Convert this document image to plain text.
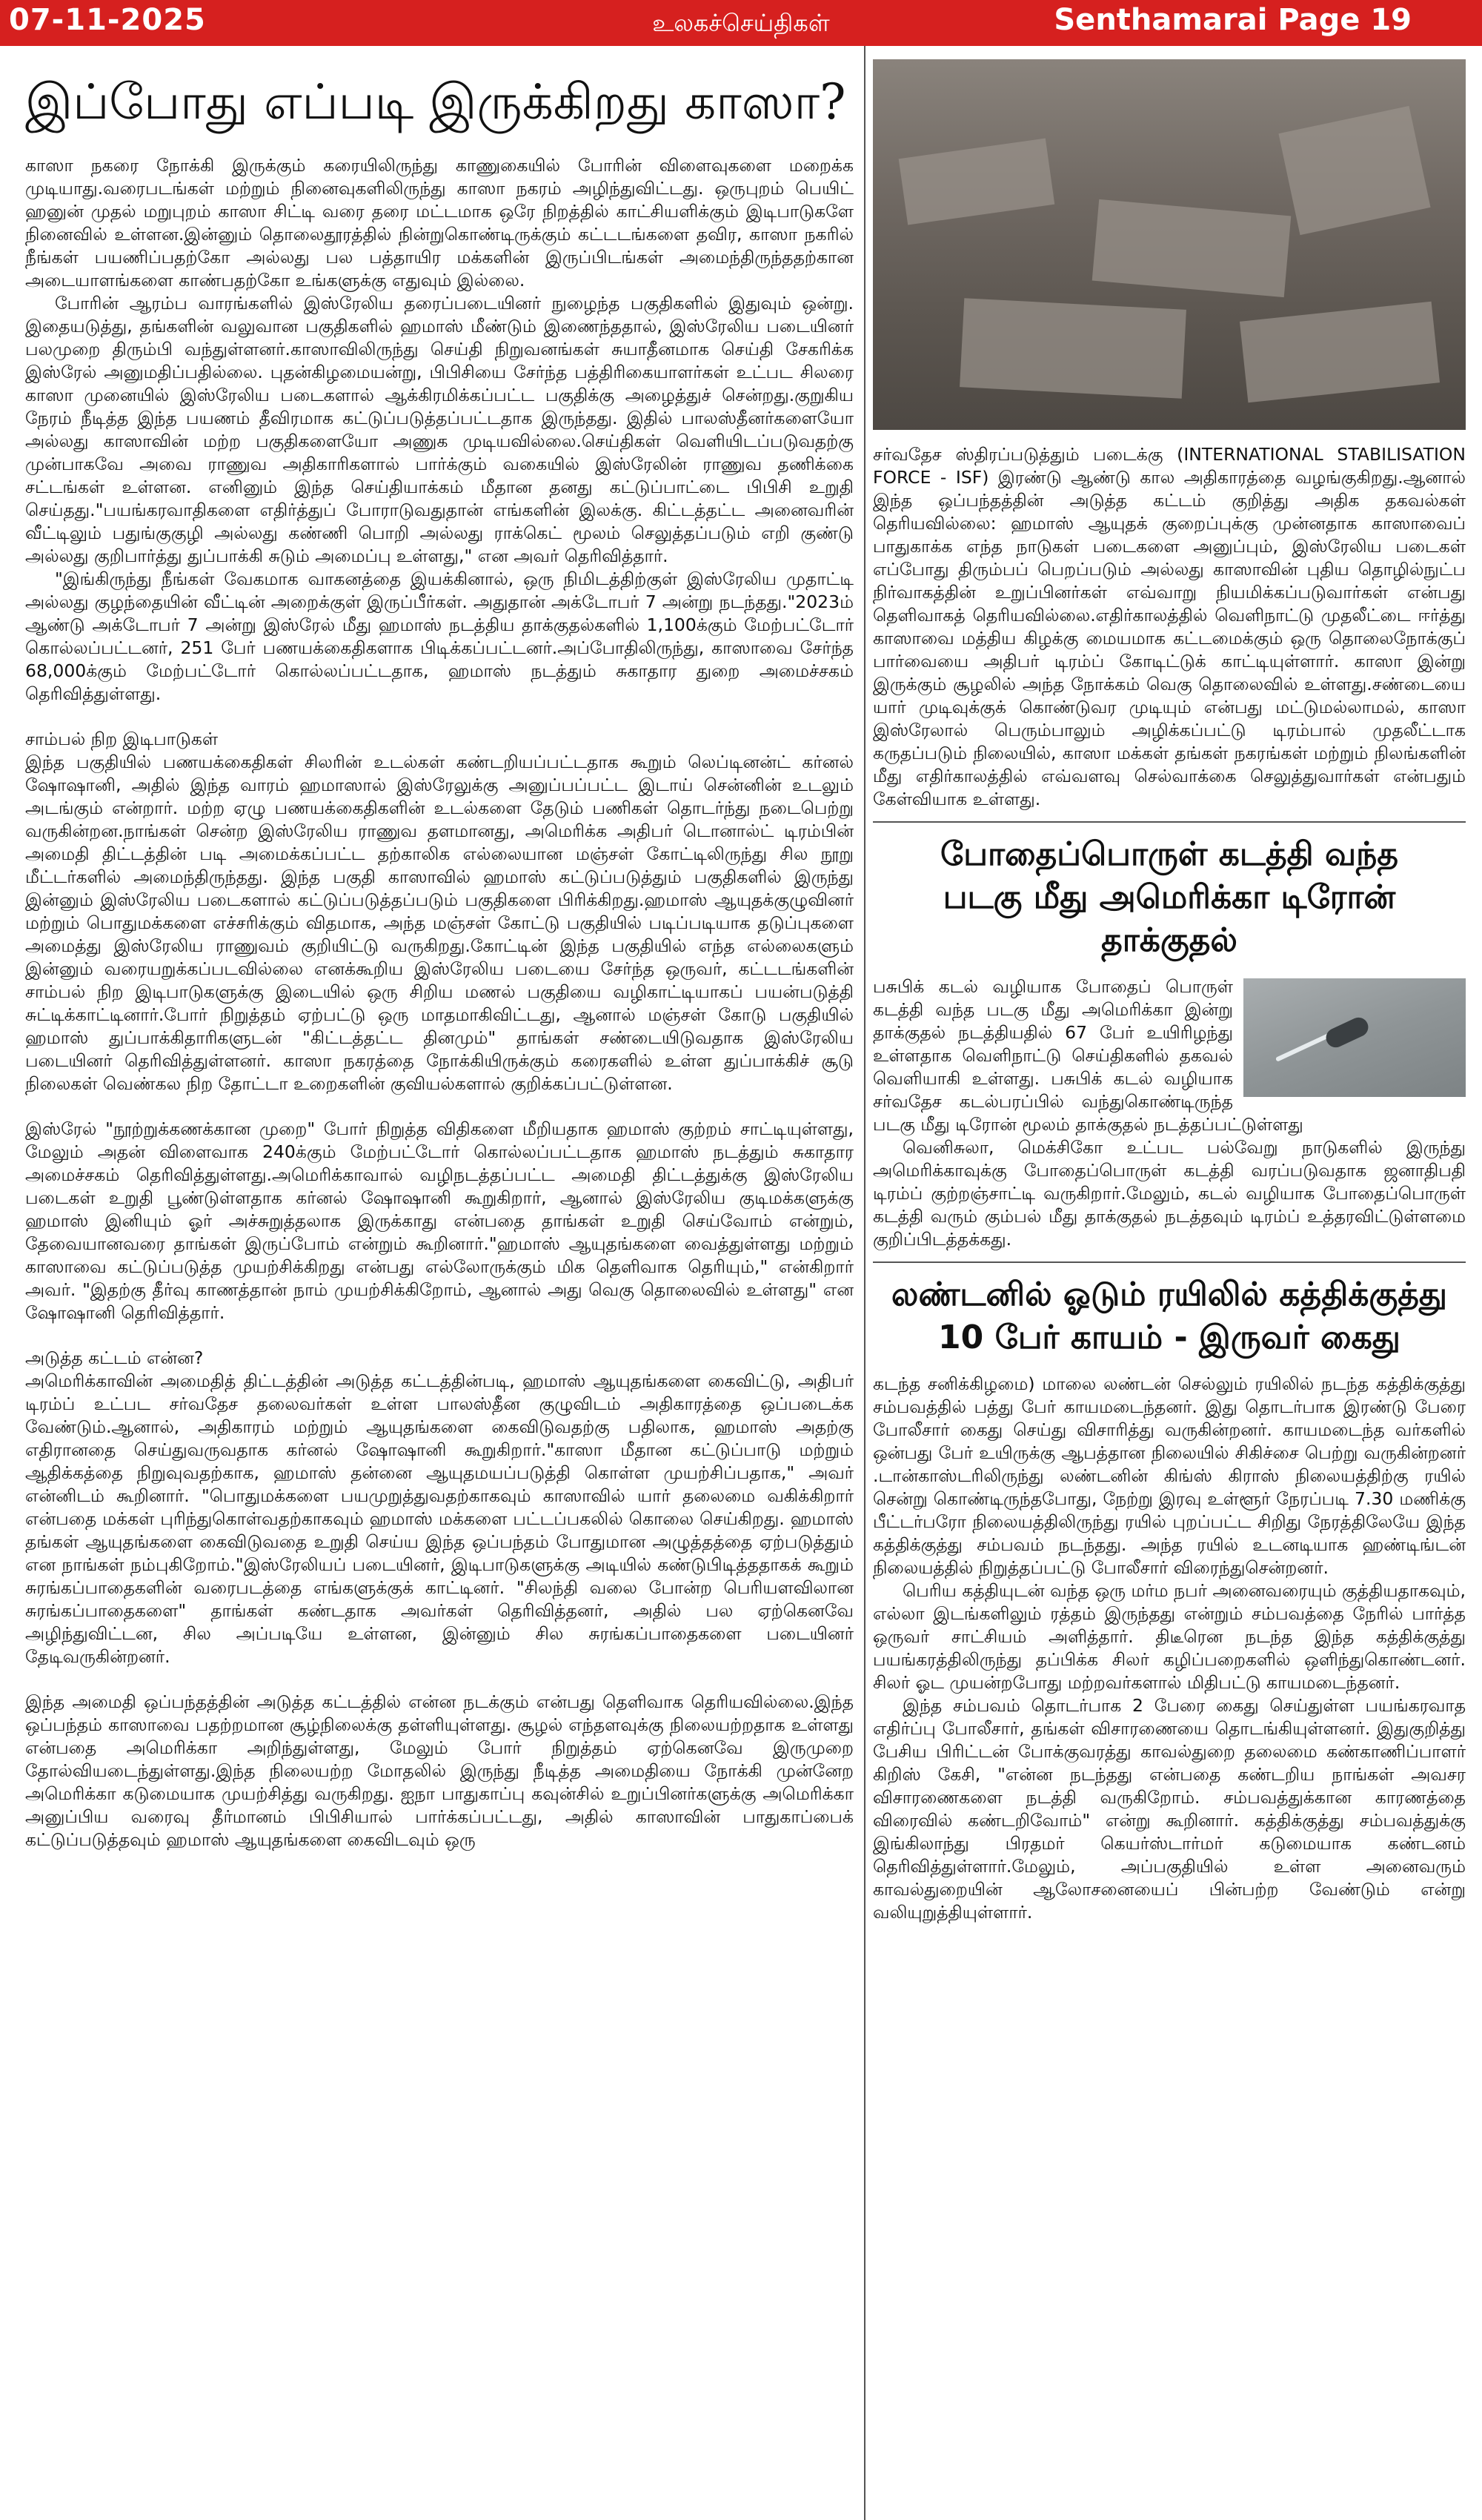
07-11-2025	உலகச்செய்திகள்	Senthamarai Page 19
இப்போது எப்படி இருக்கிறது காஸா?

காஸா நகரை நோக்கி இருக்கும் கரையிலிருந்து காணுகையில் போரின் விளைவுகளை மறைக்க முடியாது.வரைபடங்கள் மற்றும் நினைவுகளிலிருந்து காஸா நகரம் அழிந்துவிட்டது. ஒருபுறம் பெயிட் ஹனுன் முதல் மறுபுறம் காஸா சிட்டி வரை தரை மட்டமாக ஒரே நிறத்தில் காட்சியளிக்கும் இடிபாடுகளே நினைவில் உள்ளன.இன்னும் தொலைதூரத்தில் நின்றுகொண்டிருக்கும் கட்டடங்களை தவிர, காஸா நகரில் நீங்கள் பயணிப்பதற்கோ அல்லது பல பத்தாயிர மக்களின் இருப்பிடங்கள் அமைந்திருந்ததற்கான அடையாளங்களை காண்பதற்கோ உங்களுக்கு எதுவும் இல்லை.

போரின் ஆரம்ப வாரங்களில் இஸ்ரேலிய தரைப்படையினர் நுழைந்த பகுதிகளில் இதுவும் ஒன்று. இதையடுத்து, தங்களின் வலுவான பகுதிகளில் ஹமாஸ் மீண்டும் இணைந்ததால், இஸ்ரேலிய படையினர் பலமுறை திரும்பி வந்துள்ளனர்.காஸாவிலிருந்து செய்தி நிறுவனங்கள் சுயாதீனமாக செய்தி சேகரிக்க இஸ்ரேல் அனுமதிப்பதில்லை. புதன்கிழமையன்று, பிபிசியை சேர்ந்த பத்திரிகையாளர்கள் உட்பட சிலரை காஸா முனையில் இஸ்ரேலிய படைகளால் ஆக்கிரமிக்கப்பட்ட பகுதிக்கு அழைத்துச் சென்றது.குறுகிய நேரம் நீடித்த இந்த பயணம் தீவிரமாக கட்டுப்படுத்தப்பட்டதாக இருந்தது. இதில் பாலஸ்தீனர்களையோ அல்லது காஸாவின் மற்ற பகுதிகளையோ அணுக முடியவில்லை.செய்திகள் வெளியிடப்படுவதற்கு முன்பாகவே அவை ராணுவ அதிகாரிகளால் பார்க்கும் வகையில் இஸ்ரேலின் ராணுவ தணிக்கை சட்டங்கள் உள்ளன. எனினும் இந்த செய்தியாக்கம் மீதான தனது கட்டுப்பாட்டை பிபிசி உறுதி செய்தது."பயங்கரவாதிகளை எதிர்த்துப் போராடுவதுதான் எங்களின் இலக்கு. கிட்டத்தட்ட அனைவரின் வீட்டிலும் பதுங்குகுழி அல்லது கண்ணி பொறி அல்லது ராக்கெட் மூலம் செலுத்தப்படும் எறி குண்டு அல்லது குறிபார்த்து துப்பாக்கி சுடும் அமைப்பு உள்ளது," என அவர் தெரிவித்தார்.

"இங்கிருந்து நீங்கள் வேகமாக வாகனத்தை இயக்கினால், ஒரு நிமிடத்திற்குள் இஸ்ரேலிய முதாட்டி அல்லது குழந்தையின் வீட்டின் அறைக்குள் இருப்பீர்கள். அதுதான் அக்டோபர் 7 அன்று நடந்தது."2023ம் ஆண்டு அக்டோபர் 7 அன்று இஸ்ரேல் மீது ஹமாஸ் நடத்திய தாக்குதல்களில் 1,100க்கும் மேற்பட்டோர் கொல்லப்பட்டனர், 251 பேர் பணயக்கைதிகளாக பிடிக்கப்பட்டனர்.அப்போதிலிருந்து, காஸாவை சேர்ந்த 68,000க்கும் மேற்பட்டோர் கொல்லப்பட்டதாக, ஹமாஸ் நடத்தும் சுகாதார துறை அமைச்சகம் தெரிவித்துள்ளது.

சாம்பல் நிற இடிபாடுகள்

இந்த பகுதியில் பணயக்கைதிகள் சிலரின் உடல்கள் கண்டறியப்பட்டதாக கூறும் லெப்டினன்ட் கர்னல் ஷோஷானி, அதில் இந்த வாரம் ஹமாஸால் இஸ்ரேலுக்கு அனுப்பப்பட்ட இடாய் சென்னின் உடலும் அடங்கும் என்றார். மற்ற ஏழு பணயக்கைதிகளின் உடல்களை தேடும் பணிகள் தொடர்ந்து நடைபெற்று வருகின்றன.நாங்கள் சென்ற இஸ்ரேலிய ராணுவ தளமானது, அமெரிக்க அதிபர் டொனால்ட் டிரம்பின் அமைதி திட்டத்தின் படி அமைக்கப்பட்ட தற்காலிக எல்லையான மஞ்சள் கோட்டிலிருந்து சில நூறு மீட்டர்களில் அமைந்திருந்தது. இந்த பகுதி காஸாவில் ஹமாஸ் கட்டுப்படுத்தும் பகுதிகளில் இருந்து இன்னும் இஸ்ரேலிய படைகளால் கட்டுப்படுத்தப்படும் பகுதிகளை பிரிக்கிறது.ஹமாஸ் ஆயுதக்குழுவினர் மற்றும் பொதுமக்களை எச்சரிக்கும் விதமாக, அந்த மஞ்சள் கோட்டு பகுதியில் படிப்படியாக தடுப்புகளை அமைத்து இஸ்ரேலிய ராணுவம் குறியிட்டு வருகிறது.கோட்டின் இந்த பகுதியில் எந்த எல்லைகளும் இன்னும் வரையறுக்கப்படவில்லை எனக்கூறிய இஸ்ரேலிய படையை சேர்ந்த ஒருவர், கட்டடங்களின் சாம்பல் நிற இடிபாடுகளுக்கு இடையில் ஒரு சிறிய மணல் பகுதியை வழிகாட்டியாகப் பயன்படுத்தி சுட்டிக்காட்டினார்.போர் நிறுத்தம் ஏற்பட்டு ஒரு மாதமாகிவிட்டது, ஆனால் மஞ்சள் கோடு பகுதியில் ஹமாஸ் துப்பாக்கிதாரிகளுடன் "கிட்டத்தட்ட தினமும்" தாங்கள் சண்டையிடுவதாக இஸ்ரேலிய படையினர் தெரிவித்துள்ளனர். காஸா நகரத்தை நோக்கியிருக்கும் கரைகளில் உள்ள துப்பாக்கிச் சூடு நிலைகள் வெண்கல நிற தோட்டா உறைகளின் குவியல்களால் குறிக்கப்பட்டுள்ளன.

இஸ்ரேல் "நூற்றுக்கணக்கான முறை" போர் நிறுத்த விதிகளை மீறியதாக ஹமாஸ் குற்றம் சாட்டியுள்ளது, மேலும் அதன் விளைவாக 240க்கும் மேற்பட்டோர் கொல்லப்பட்டதாக ஹமாஸ் நடத்தும் சுகாதார அமைச்சகம் தெரிவித்துள்ளது.அமெரிக்காவால் வழிநடத்தப்பட்ட அமைதி திட்டத்துக்கு இஸ்ரேலிய படைகள் உறுதி பூண்டுள்ளதாக கர்னல் ஷோஷானி கூறுகிறார், ஆனால் இஸ்ரேலிய குடிமக்களுக்கு ஹமாஸ் இனியும் ஓர் அச்சுறுத்தலாக இருக்காது என்பதை தாங்கள் உறுதி செய்வோம் என்றும், தேவையானவரை தாங்கள் இருப்போம் என்றும் கூறினார்."ஹமாஸ் ஆயுதங்களை வைத்துள்ளது மற்றும் காஸாவை கட்டுப்படுத்த முயற்சிக்கிறது என்பது எல்லோருக்கும் மிக தெளிவாக தெரியும்," என்கிறார் அவர். "இதற்கு தீர்வு காணத்தான் நாம் முயற்சிக்கிறோம், ஆனால் அது வெகு தொலைவில் உள்ளது" என ஷோஷானி தெரிவித்தார்.

அடுத்த கட்டம் என்ன?

அமெரிக்காவின் அமைதித் திட்டத்தின் அடுத்த கட்டத்தின்படி, ஹமாஸ் ஆயுதங்களை கைவிட்டு, அதிபர் டிரம்ப் உட்பட சர்வதேச தலைவர்கள் உள்ள பாலஸ்தீன குழுவிடம் அதிகாரத்தை ஒப்படைக்க வேண்டும்.ஆனால், அதிகாரம் மற்றும் ஆயுதங்களை கைவிடுவதற்கு பதிலாக, ஹமாஸ் அதற்கு எதிரானதை செய்துவருவதாக கர்னல் ஷோஷானி கூறுகிறார்."காஸா மீதான கட்டுப்பாடு மற்றும் ஆதிக்கத்தை நிறுவுவதற்காக, ஹமாஸ் தன்னை ஆயுதமயப்படுத்தி கொள்ள முயற்சிப்பதாக," அவர் என்னிடம் கூறினார். "பொதுமக்களை பயமுறுத்துவதற்காகவும் காஸாவில் யார் தலைமை வகிக்கிறார் என்பதை மக்கள் புரிந்துகொள்வதற்காகவும் ஹமாஸ் மக்களை பட்டப்பகலில் கொலை செய்கிறது. ஹமாஸ் தங்கள் ஆயுதங்களை கைவிடுவதை உறுதி செய்ய இந்த ஒப்பந்தம் போதுமான அழுத்தத்தை ஏற்படுத்தும் என நாங்கள் நம்புகிறோம்."இஸ்ரேலியப் படையினர், இடிபாடுகளுக்கு அடியில் கண்டுபிடித்ததாகக் கூறும் சுரங்கப்பாதைகளின் வரைபடத்தை எங்களுக்குக் காட்டினர். "சிலந்தி வலை போன்ற பெரியளவிலான சுரங்கப்பாதைகளை" தாங்கள் கண்டதாக அவர்கள் தெரிவித்தனர், அதில் பல ஏற்கெனவே அழிந்துவிட்டன, சில அப்படியே உள்ளன, இன்னும் சில சுரங்கப்பாதைகளை படையினர் தேடிவருகின்றனர்.

இந்த அமைதி ஒப்பந்தத்தின் அடுத்த கட்டத்தில் என்ன நடக்கும் என்பது தெளிவாக தெரியவில்லை.இந்த ஒப்பந்தம் காஸாவை பதற்றமான சூழ்நிலைக்கு தள்ளியுள்ளது. சூழல் எந்தளவுக்கு நிலையற்றதாக உள்ளது என்பதை அமெரிக்கா அறிந்துள்ளது, மேலும் போர் நிறுத்தம் ஏற்கெனவே இருமுறை தோல்வியடைந்துள்ளது.இந்த நிலையற்ற மோதலில் இருந்து நீடித்த அமைதியை நோக்கி முன்னேற அமெரிக்கா கடுமையாக முயற்சித்து வருகிறது. ஐநா பாதுகாப்பு கவுன்சில் உறுப்பினர்களுக்கு அமெரிக்கா அனுப்பிய வரைவு தீர்மானம் பிபிசியால் பார்க்கப்பட்டது, அதில் காஸாவின் பாதுகாப்பைக் கட்டுப்படுத்தவும் ஹமாஸ் ஆயுதங்களை கைவிடவும் ஒரு

சர்வதேச ஸ்திரப்படுத்தும் படைக்கு (INTERNATIONAL STABILISATION FORCE - ISF) இரண்டு ஆண்டு கால அதிகாரத்தை வழங்குகிறது.ஆனால் இந்த ஒப்பந்தத்தின் அடுத்த கட்டம் குறித்து அதிக தகவல்கள் தெரியவில்லை: ஹமாஸ் ஆயுதக் குறைப்புக்கு முன்னதாக காஸாவைப் பாதுகாக்க எந்த நாடுகள் படைகளை அனுப்பும், இஸ்ரேலிய படைகள் எப்போது திரும்பப் பெறப்படும் அல்லது காஸாவின் புதிய தொழில்நுட்ப நிர்வாகத்தின் உறுப்பினர்கள் எவ்வாறு நியமிக்கப்படுவார்கள் என்பது தெளிவாகத் தெரியவில்லை.எதிர்காலத்தில் வெளிநாட்டு முதலீட்டை ஈர்த்து காஸாவை மத்திய கிழக்கு மையமாக கட்டமைக்கும் ஒரு தொலைநோக்குப் பார்வையை அதிபர் டிரம்ப் கோடிட்டுக் காட்டியுள்ளார். காஸா இன்று இருக்கும் சூழலில் அந்த நோக்கம் வெகு தொலைவில் உள்ளது.சண்டையை யார் முடிவுக்குக் கொண்டுவர முடியும் என்பது மட்டுமல்லாமல், காஸா இஸ்ரேலால் பெரும்பாலும் அழிக்கப்பட்டு டிரம்பால் முதலீட்டாக கருதப்படும் நிலையில், காஸா மக்கள் தங்கள் நகரங்கள் மற்றும் நிலங்களின் மீது எதிர்காலத்தில் எவ்வளவு செல்வாக்கை செலுத்துவார்கள் என்பதும் கேள்வியாக உள்ளது.

போதைப்பொருள் கடத்தி வந்த
படகு மீது அமெரிக்கா டிரோன் தாக்குதல்

பசுபிக் கடல் வழியாக போதைப் பொருள் கடத்தி வந்த படகு மீது அமெரிக்கா இன்று தாக்குதல் நடத்தியதில் 67 பேர் உயிரிழந்து உள்ளதாக வெளிநாட்டு செய்திகளில் தகவல் வெளியாகி உள்ளது. பசுபிக் கடல் வழியாக சர்வதேச கடல்பரப்பில் வந்துகொண்டிருந்த படகு மீது டிரோன் மூலம் தாக்குதல் நடத்தப்பட்டுள்ளது

வெனிசுலா, மெக்சிகோ உட்பட பல்வேறு நாடுகளில் இருந்து அமெரிக்காவுக்கு போதைப்பொருள் கடத்தி வரப்படுவதாக ஜனாதிபதி டிரம்ப் குற்றஞ்சாட்டி வருகிறார்.மேலும், கடல் வழியாக போதைப்பொருள் கடத்தி வரும் கும்பல் மீது தாக்குதல் நடத்தவும் டிரம்ப் உத்தரவிட்டுள்ளமை குறிப்பிடத்தக்கது.

லண்டனில் ஓடும் ரயிலில் கத்திக்குத்து
10 பேர் காயம் - இருவர் கைது

கடந்த சனிக்கிழமை) மாலை லண்டன் செல்லும் ரயிலில் நடந்த கத்திக்குத்து சம்பவத்தில் பத்து பேர் காயமடைந்தனர். இது தொடர்பாக இரண்டு பேரை போலீசார் கைது செய்து விசாரித்து வருகின்றனர். காயமடைந்த வர்களில் ஒன்பது பேர் உயிருக்கு ஆபத்தான நிலையில் சிகிச்சை பெற்று வருகின்றனர் .டான்காஸ்டரிலிருந்து லண்டனின் கிங்ஸ் கிராஸ் நிலையத்திற்கு ரயில் சென்று கொண்டிருந்தபோது, நேற்று இரவு உள்ளூர் நேரப்படி 7.30 மணிக்கு பீட்டர்பரோ நிலையத்திலிருந்து ரயில் புறப்பட்ட சிறிது நேரத்திலேயே இந்த கத்திக்குத்து சம்பவம் நடந்தது. அந்த ரயில் உடனடியாக ஹண்டிங்டன் நிலையத்தில் நிறுத்தப்பட்டு போலீசார் விரைந்துசென்றனர்.

பெரிய கத்தியுடன் வந்த ஒரு மர்ம நபர் அனைவரையும் குத்தியதாகவும், எல்லா இடங்களிலும் ரத்தம் இருந்தது என்றும் சம்பவத்தை நேரில் பார்த்த ஒருவர் சாட்சியம் அளித்தார். திடீரென நடந்த இந்த கத்திக்குத்து பயங்கரத்திலிருந்து தப்பிக்க சிலர் கழிப்பறைகளில் ஒளிந்துகொண்டனர். சிலர் ஓட முயன்றபோது மற்றவர்களால் மிதிபட்டு காயமடைந்தனர்.

இந்த சம்பவம் தொடர்பாக 2 பேரை கைது செய்துள்ள பயங்கரவாத எதிர்ப்பு போலீசார், தங்கள் விசாரணையை தொடங்கியுள்ளனர். இதுகுறித்து பேசிய பிரிட்டன் போக்குவரத்து காவல்துறை தலைமை கண்காணிப்பாளர் கிறிஸ் கேசி, "என்ன நடந்தது என்பதை கண்டறிய நாங்கள் அவசர விசாரணைகளை நடத்தி வருகிறோம். சம்பவத்துக்கான காரணத்தை விரைவில் கண்டறிவோம்" என்று கூறினார். கத்திக்குத்து சம்பவத்துக்கு இங்கிலாந்து பிரதமர் கெயர்ஸ்டார்மர் கடுமையாக கண்டனம் தெரிவித்துள்ளார்.மேலும், அப்பகுதியில் உள்ள அனைவரும் காவல்துறையின் ஆலோசனையைப் பின்பற்ற வேண்டும் என்று வலியுறுத்தியுள்ளார்.
